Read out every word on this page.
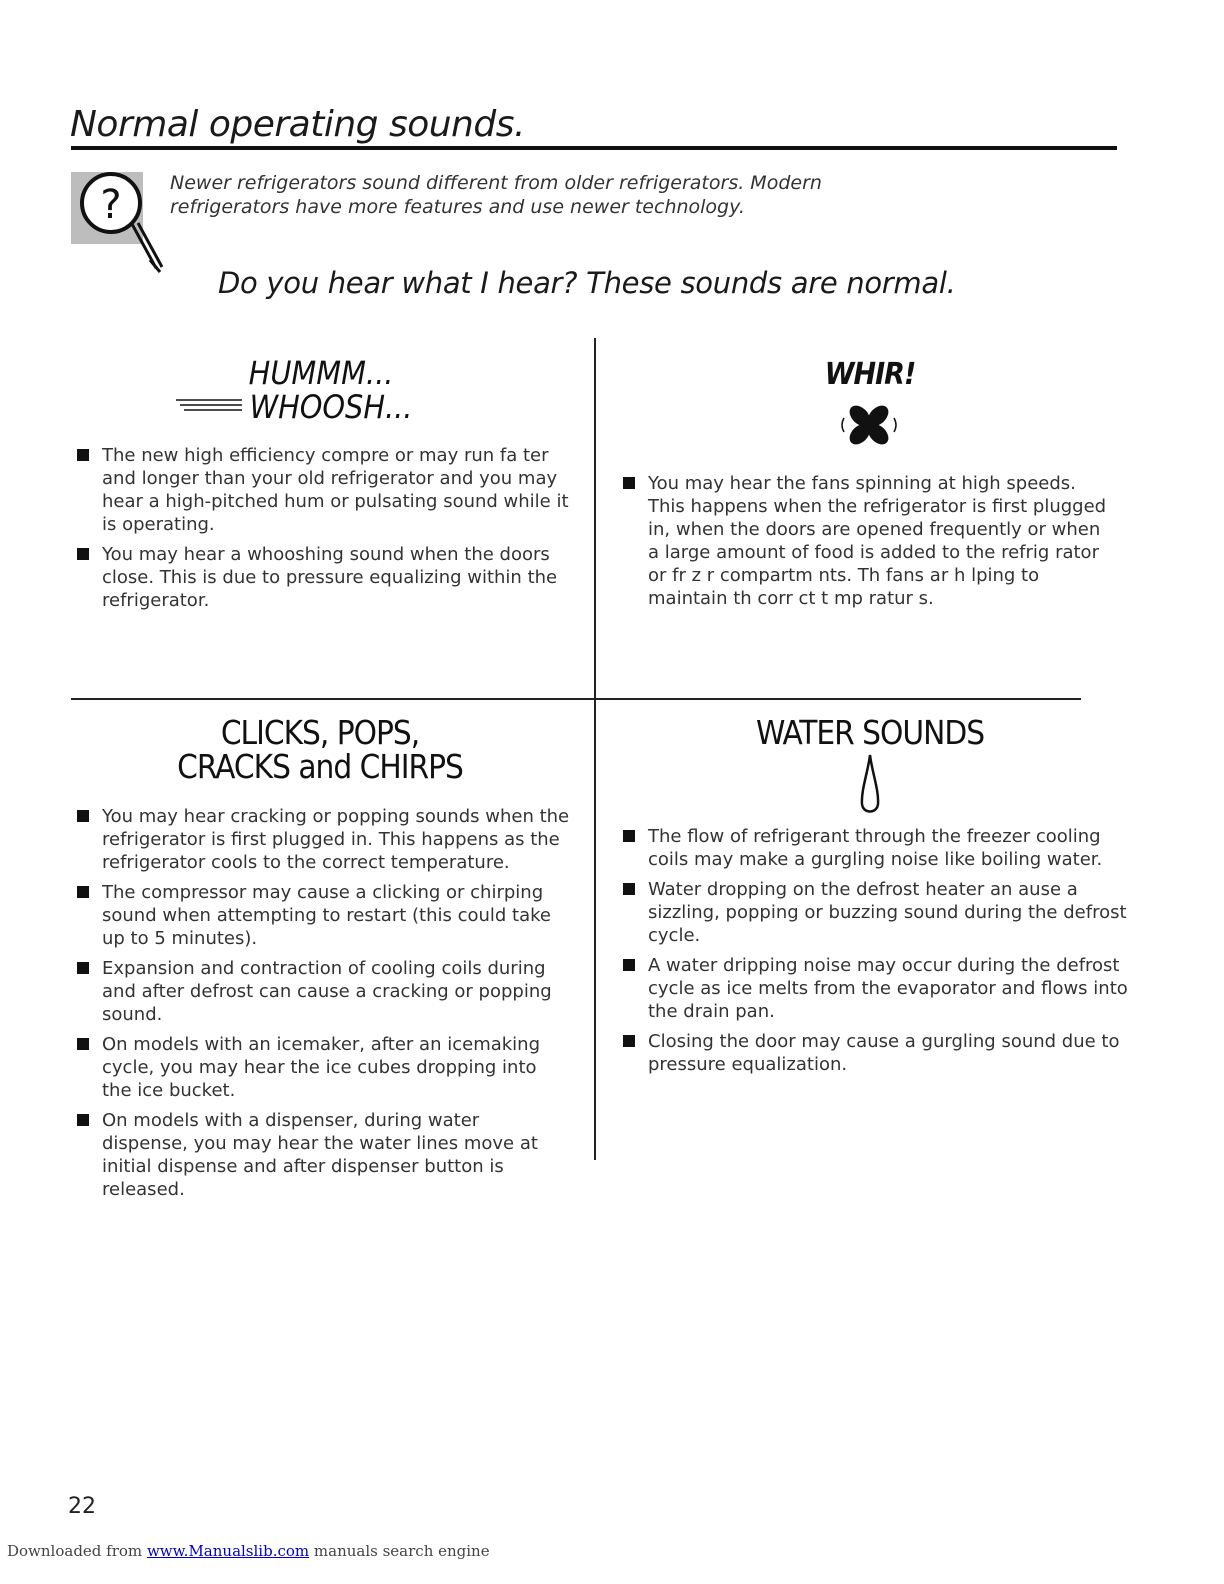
Normal operating sounds.
?	Newer refrigerators sound different from older refrigerators. Modern refrigerators have more features and use newer technology.
Do you hear what I hear? These sounds are normal.
HUMMM...
WHOOSH...
The new high efficiency compre or may run fa ter and longer than your old refrigerator and you may hear a high-pitched hum or pulsating sound while it is operating.
You may hear a whooshing sound when the doors close. This is due to pressure equalizing within the refrigerator.
WHIR!
You may hear the fans spinning at high speeds. This happens when the refrigerator is first plugged in, when the doors are opened frequently or when a large amount of food is added to the refrig rator or fr z r compartm nts. Th fans ar h lping to maintain th corr ct t mp ratur s.
CLICKS, POPS,
CRACKS and CHIRPS
You may hear cracking or popping sounds when the refrigerator is first plugged in. This happens as the refrigerator cools to the correct temperature.
The compressor may cause a clicking or chirping sound when attempting to restart (this could take up to 5 minutes).
Expansion and contraction of cooling coils during and after defrost can cause a cracking or popping sound.
On models with an icemaker, after an icemaking cycle, you may hear the ice cubes dropping into the ice bucket.
On models with a dispenser, during water dispense, you may hear the water lines move at initial dispense and after dispenser button is released.
WATER SOUNDS
The flow of refrigerant through the freezer cooling coils may make a gurgling noise like boiling water.
Water dropping on the defrost heater an ause a sizzling, popping or buzzing sound during the defrost cycle.
A water dripping noise may occur during the defrost cycle as ice melts from the evaporator and flows into the drain pan.
Closing the door may cause a gurgling sound due to pressure equalization.
22
Downloaded from www.Manualslib.com manuals search engine
